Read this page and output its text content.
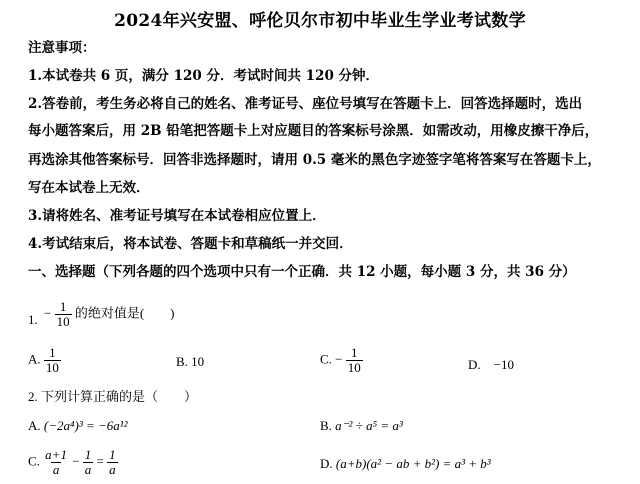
2024年兴安盟、呼伦贝尔市初中毕业生学业考试数学
注意事项：
1.本试卷共 6 页，满分 120 分．考试时间共 120 分钟．
2.答卷前，考生务必将自己的姓名、准考证号、座位号填写在答题卡上．回答选择题时，选出
每小题答案后，用 2B 铅笔把答题卡上对应题目的答案标号涂黑．如需改动，用橡皮擦干净后，
再选涂其他答案标号．回答非选择题时，请用 0.5 毫米的黑色字迹签字笔将答案写在答题卡上，
写在本试卷上无效．
3.请将姓名、准考证号填写在本试卷相应位置上．
4.考试结束后，将本试卷、答题卡和草稿纸一并交回．
一、选择题（下列各题的四个选项中只有一个正确．共 12 小题，每小题 3 分，共 36 分）
1. − $\frac{1}{10}$ 的绝对值是(　　)
A. $\frac{1}{10}$	B. 10	C. − $\frac{1}{10}$	D.　−10
2. 下列计算正确的是（　　）
A. (−2a⁴)³ = −6a¹²	B. a⁻² ÷ a⁵ = a³
C. $\frac{a+1}{a} - \frac{1}{a} = \frac{1}{a}$	D. (a+b)(a² − ab + b²) = a³ + b³
